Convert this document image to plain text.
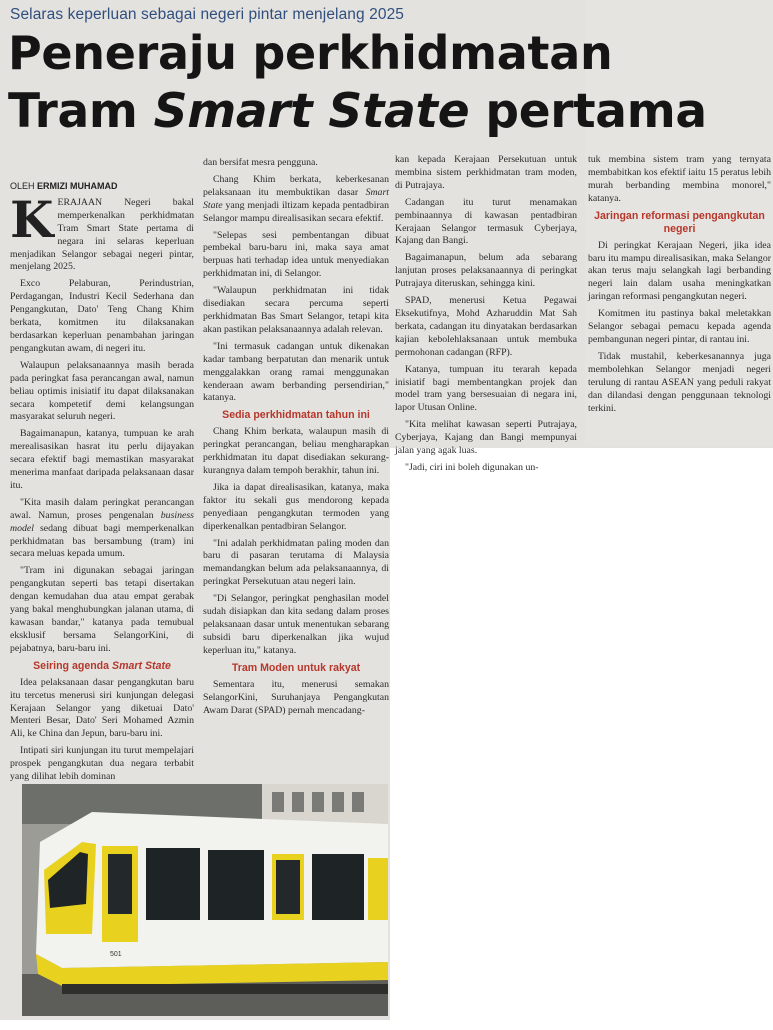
Selaras keperluan sebagai negeri pintar menjelang 2025
Peneraju perkhidmatan
Tram Smart State pertama

OLEH ERMIZI MUHAMAD

KERAJAAN Negeri bakal memperkenalkan perkhidmatan Tram Smart State pertama di negara ini selaras keperluan menjadikan Selangor sebagai negeri pintar, menjelang 2025.

Exco Pelaburan, Perindustrian, Perdagangan, Industri Kecil Sederhana dan Pengangkutan, Dato' Teng Chang Khim berkata, komitmen itu dilaksanakan berdasarkan keperluan penambahan jaringan pengangkutan awam, di negeri itu.

Walaupun pelaksanaannya masih berada pada peringkat fasa perancangan awal, namun beliau optimis inisiatif itu dapat dilaksanakan secara kompetetif demi kelangsungan masyarakat seluruh negeri.

Bagaimanapun, katanya, tumpuan ke arah merealisasikan hasrat itu perlu dijayakan secara efektif bagi memastikan masyarakat menerima manfaat daripada pelaksanaan dasar itu.

"Kita masih dalam peringkat perancangan awal. Namun, proses pengenalan business model sedang dibuat bagi memperkenalkan perkhidmatan bas bersambung (tram) ini secara meluas kepada umum.

"Tram ini digunakan sebagai jaringan pengangkutan seperti bas tetapi disertakan dengan kemudahan dua atau empat gerabak yang bakal menghubungkan jalanan utama, di kawasan bandar," katanya pada temubual eksklusif bersama SelangorKini, di pejabatnya, baru-baru ini.

Seiring agenda Smart State

Idea pelaksanaan dasar pengangkutan baru itu tercetus menerusi siri kunjungan delegasi Kerajaan Selangor yang diketuai Dato' Menteri Besar, Dato' Seri Mohamed Azmin Ali, ke China dan Jepun, baru-baru ini.

Intipati siri kunjungan itu turut mempelajari prospek pengangkutan dua negara terbabit yang dilihat lebih dominan

dan bersifat mesra pengguna.

Chang Khim berkata, keberkesanan pelaksanaan itu membuktikan dasar Smart State yang menjadi iltizam kepada pentadbiran Selangor mampu direalisasikan secara efektif.

"Selepas sesi pembentangan dibuat pembekal baru-baru ini, maka saya amat berpuas hati terhadap idea untuk menyediakan perkhidmatan ini, di Selangor.

"Walaupun perkhidmatan ini tidak disediakan secara percuma seperti perkhidmatan Bas Smart Selangor, tetapi kita akan pastikan pelaksanaannya adalah relevan.

"Ini termasuk cadangan untuk dikenakan kadar tambang berpatutan dan menarik untuk menggalakkan orang ramai menggunakan kenderaan awam berbanding persendirian," katanya.

Sedia perkhidmatan tahun ini

Chang Khim berkata, walaupun masih di peringkat perancangan, beliau mengharapkan perkhidmatan itu dapat disediakan sekurang-kurangnya dalam tempoh berakhir, tahun ini.

Jika ia dapat direalisasikan, katanya, maka faktor itu sekali gus mendorong kepada penyediaan pengangkutan termoden yang diperkenalkan pentadbiran Selangor.

"Ini adalah perkhidmatan paling moden dan baru di pasaran terutama di Malaysia memandangkan belum ada pelaksanaannya, di peringkat Persekutuan atau negeri lain.

"Di Selangor, peringkat penghasilan model sudah disiapkan dan kita sedang dalam proses pelaksanaan dasar untuk menentukan sebarang subsidi baru diperkenalkan jika wujud keperluan itu," katanya.

Tram Moden untuk rakyat

Sementara itu, menerusi semakan SelangorKini, Suruhanjaya Pengangkutan Awam Darat (SPAD) pernah mencadang-

kan kepada Kerajaan Persekutuan untuk membina sistem perkhidmatan tram moden, di Putrajaya.

Cadangan itu turut menamakan pembinaannya di kawasan pentadbiran Kerajaan Selangor termasuk Cyberjaya, Kajang dan Bangi.

Bagaimanapun, belum ada sebarang lanjutan proses pelaksanaannya di peringkat Putrajaya diteruskan, sehingga kini.

SPAD, menerusi Ketua Pegawai Eksekutifnya, Mohd Azharuddin Mat Sah berkata, cadangan itu dinyatakan berdasarkan kajian kebolehlaksanaan untuk membuka permohonan cadangan (RFP).

Katanya, tumpuan itu terarah kepada inisiatif bagi membentangkan projek dan model tram yang bersesuaian di negara ini, lapor Utusan Online.

"Kita melihat kawasan seperti Putrajaya, Cyberjaya, Kajang dan Bangi mempunyai jalan yang agak luas.

"Jadi, ciri ini boleh digunakan un-

tuk membina sistem tram yang ternyata membabitkan kos efektif iaitu 15 peratus lebih murah berbanding membina monorel," katanya.

Jaringan reformasi pengangkutan negeri

Di peringkat Kerajaan Negeri, jika idea baru itu mampu direalisasikan, maka Selangor akan terus maju selangkah lagi berbanding negeri lain dalam usaha meningkatkan jaringan reformasi pengangkutan negeri.

Komitmen itu pastinya bakal meletakkan Selangor sebagai pemacu kepada agenda pembangunan negeri pintar, di rantau ini.

Tidak mustahil, keberkesanannya juga membolehkan Selangor menjadi negeri terulung di rantau ASEAN yang peduli rakyat dan dilandasi dengan penggunaan teknologi terkini.

501
